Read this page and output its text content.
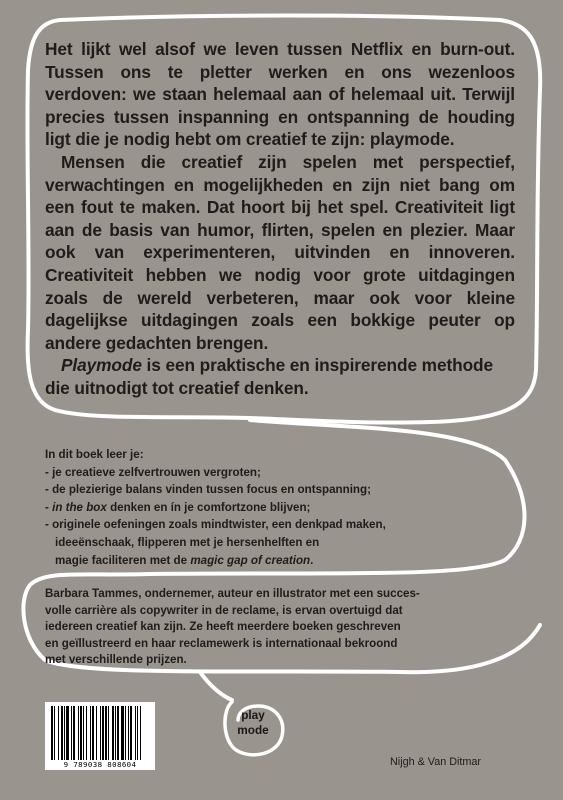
Het lijkt wel alsof we leven tussen Netflix en burn-out. Tussen ons te pletter werken en ons wezenloos verdoven: we staan helemaal aan of helemaal uit. Terwijl precies tussen inspanning en ontspanning de houding ligt die je nodig hebt om creatief te zijn: playmode.

Mensen die creatief zijn spelen met perspectief, verwachtingen en mogelijkheden en zijn niet bang om een fout te maken. Dat hoort bij het spel. Creativiteit ligt aan de basis van humor, flirten, spelen en plezier. Maar ook van experimenteren, uitvinden en innoveren. Creativiteit hebben we nodig voor grote uitdagingen zoals de wereld verbeteren, maar ook voor kleine dagelijkse uitdagingen zoals een bokkige peuter op andere gedachten brengen.

Playmode is een praktische en inspirerende methode die uitnodigt tot creatief denken.

In dit boek leer je:
- je creatieve zelfvertrouwen vergroten;
- de plezierige balans vinden tussen focus en ontspanning;
- in the box denken en ín je comfortzone blijven;
- originele oefeningen zoals mindtwister, een denkpad maken,
ideeënschaak, flipperen met je hersenhelften en
magie faciliteren met de magic gap of creation.
Barbara Tammes, ondernemer, auteur en illustrator met een succes-
volle carrière als copywriter in de reclame, is ervan overtuigd dat
iedereen creatief kan zijn. Ze heeft meerdere boeken geschreven
en geïllustreerd en haar reclamewerk is internationaal bekroond
met verschillende prijzen.
9 789038 808604
play
mode
Nijgh & Van Ditmar
